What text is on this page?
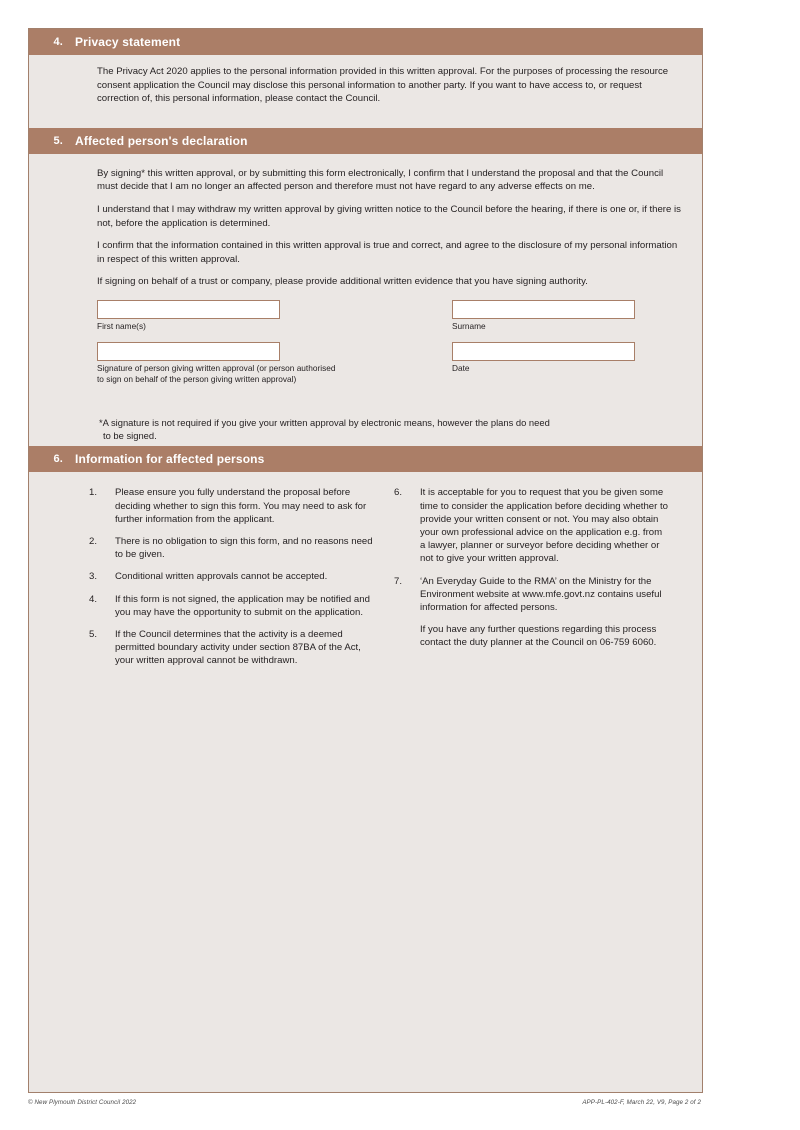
4.	Privacy statement

The Privacy Act 2020 applies to the personal information provided in this written approval. For the purposes of processing the resource consent application the Council may disclose this personal information to another party. If you want to have access to, or request correction of, this personal information, please contact the Council.

5.	Affected person's declaration

By signing* this written approval, or by submitting this form electronically, I confirm that I understand the proposal and that the Council must decide that I am no longer an affected person and therefore must not have regard to any adverse effects on me.

I understand that I may withdraw my written approval by giving written notice to the Council before the hearing, if there is one or, if there is not, before the application is determined.

I confirm that the information contained in this written approval is true and correct, and agree to the disclosure of my personal information in respect of this written approval.

If signing on behalf of a trust or company, please provide additional written evidence that you have signing authority.

First name(s)	Surname
Signature of person giving written approval (or person authorised
to sign on behalf of the person giving written approval)
Date
*A signature is not required if you give your written approval by electronic means, however the plans do need
to be signed.
6.	Information for affected persons
1.	Please ensure you fully understand the proposal before deciding whether to sign this form. You may need to ask for further information from the applicant.
2.	There is no obligation to sign this form, and no reasons need to be given.
3.	Conditional written approvals cannot be accepted.
4.	If this form is not signed, the application may be notified and you may have the opportunity to submit on the application.
5.	If the Council determines that the activity is a deemed permitted boundary activity under section 87BA of the Act, your written approval cannot be withdrawn.
6.	It is acceptable for you to request that you be given some time to consider the application before deciding whether to provide your written consent or not. You may also obtain your own professional advice on the application e.g. from a lawyer, planner or surveyor before deciding whether or not to give your written approval.
7.	‘An Everyday Guide to the RMA’ on the Ministry for the Environment website at www.mfe.govt.nz contains useful information for affected persons.
If you have any further questions regarding this process contact the duty planner at the Council on 06-759 6060.
© New Plymouth District Council 2022	APP-PL-402-F, March 22, V9, Page 2 of 2
